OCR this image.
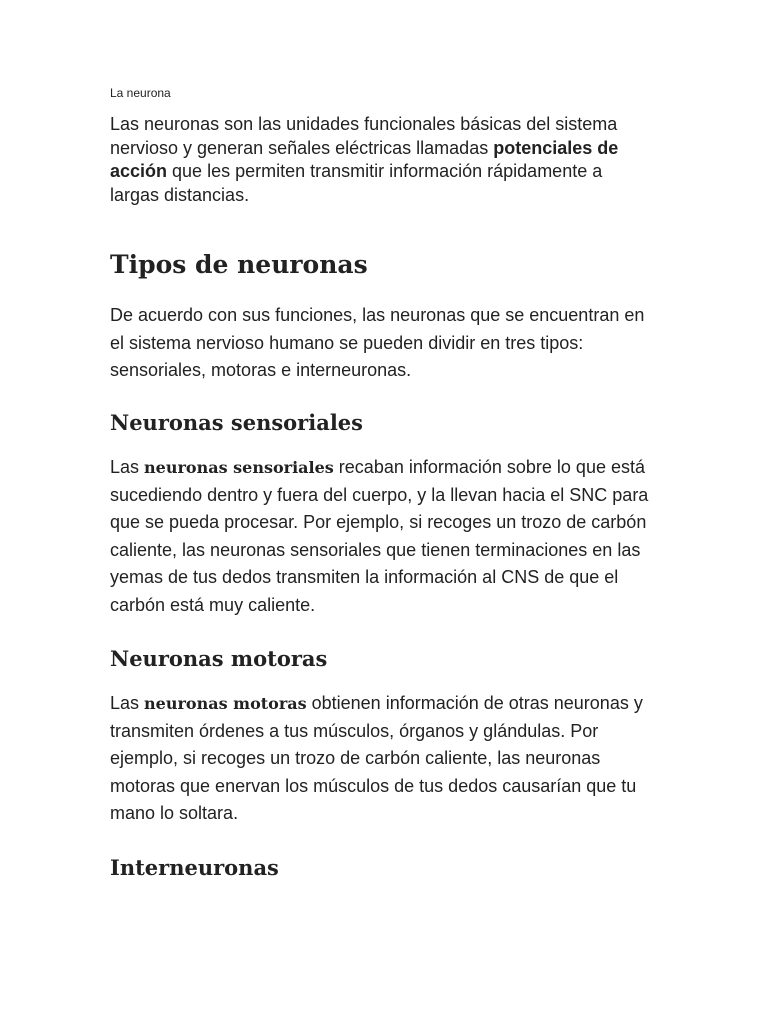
La neurona

Las neuronas son las unidades funcionales básicas del sistema nervioso y generan señales eléctricas llamadas potenciales de acción que les permiten transmitir información rápidamente a largas distancias.

Tipos de neuronas

De acuerdo con sus funciones, las neuronas que se encuentran en el sistema nervioso humano se pueden dividir en tres tipos: sensoriales, motoras e interneuronas.

Neuronas sensoriales

Las neuronas sensoriales recaban información sobre lo que está sucediendo dentro y fuera del cuerpo, y la llevan hacia el SNC para que se pueda procesar. Por ejemplo, si recoges un trozo de carbón caliente, las neuronas sensoriales que tienen terminaciones en las yemas de tus dedos transmiten la información al CNS de que el carbón está muy caliente.

Neuronas motoras

Las neuronas motoras obtienen información de otras neuronas y transmiten órdenes a tus músculos, órganos y glándulas. Por ejemplo, si recoges un trozo de carbón caliente, las neuronas motoras que enervan los músculos de tus dedos causarían que tu mano lo soltara.

Interneuronas
